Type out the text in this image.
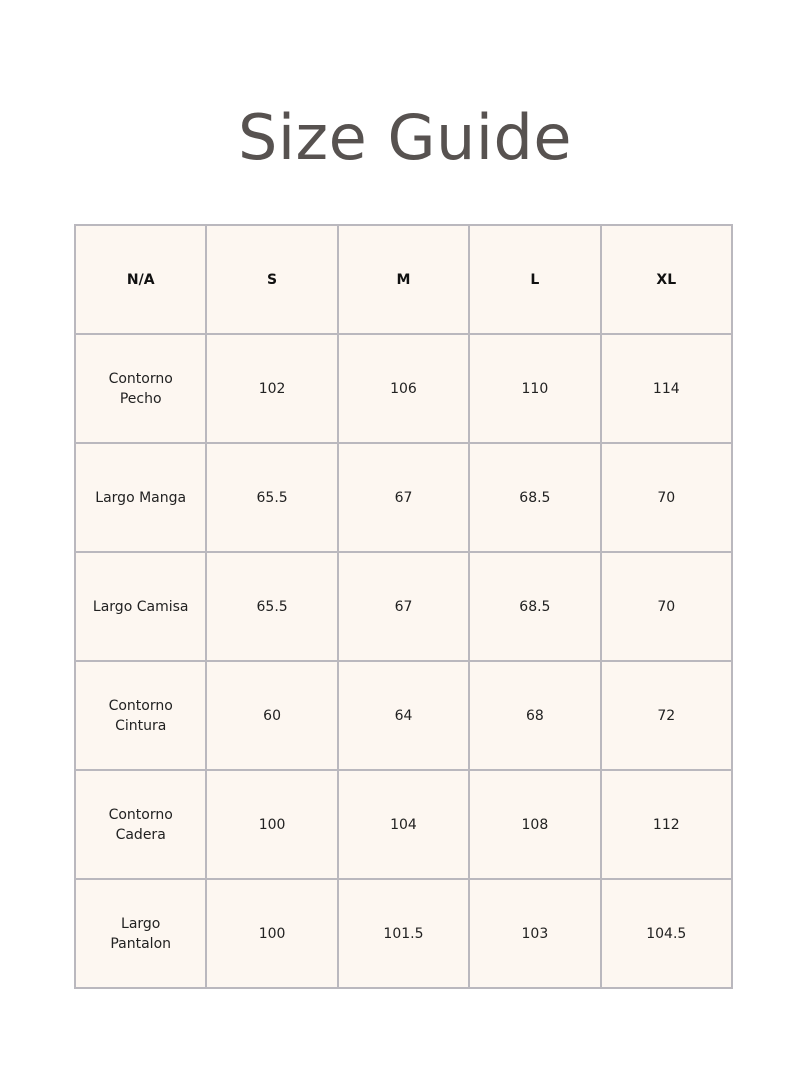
Size Guide
N/A	S	M	L	XL
Contorno Pecho	102	106	110	114
Largo Manga	65.5	67	68.5	70
Largo Camisa	65.5	67	68.5	70
Contorno Cintura	60	64	68	72
Contorno Cadera	100	104	108	112
Largo Pantalon	100	101.5	103	104.5
